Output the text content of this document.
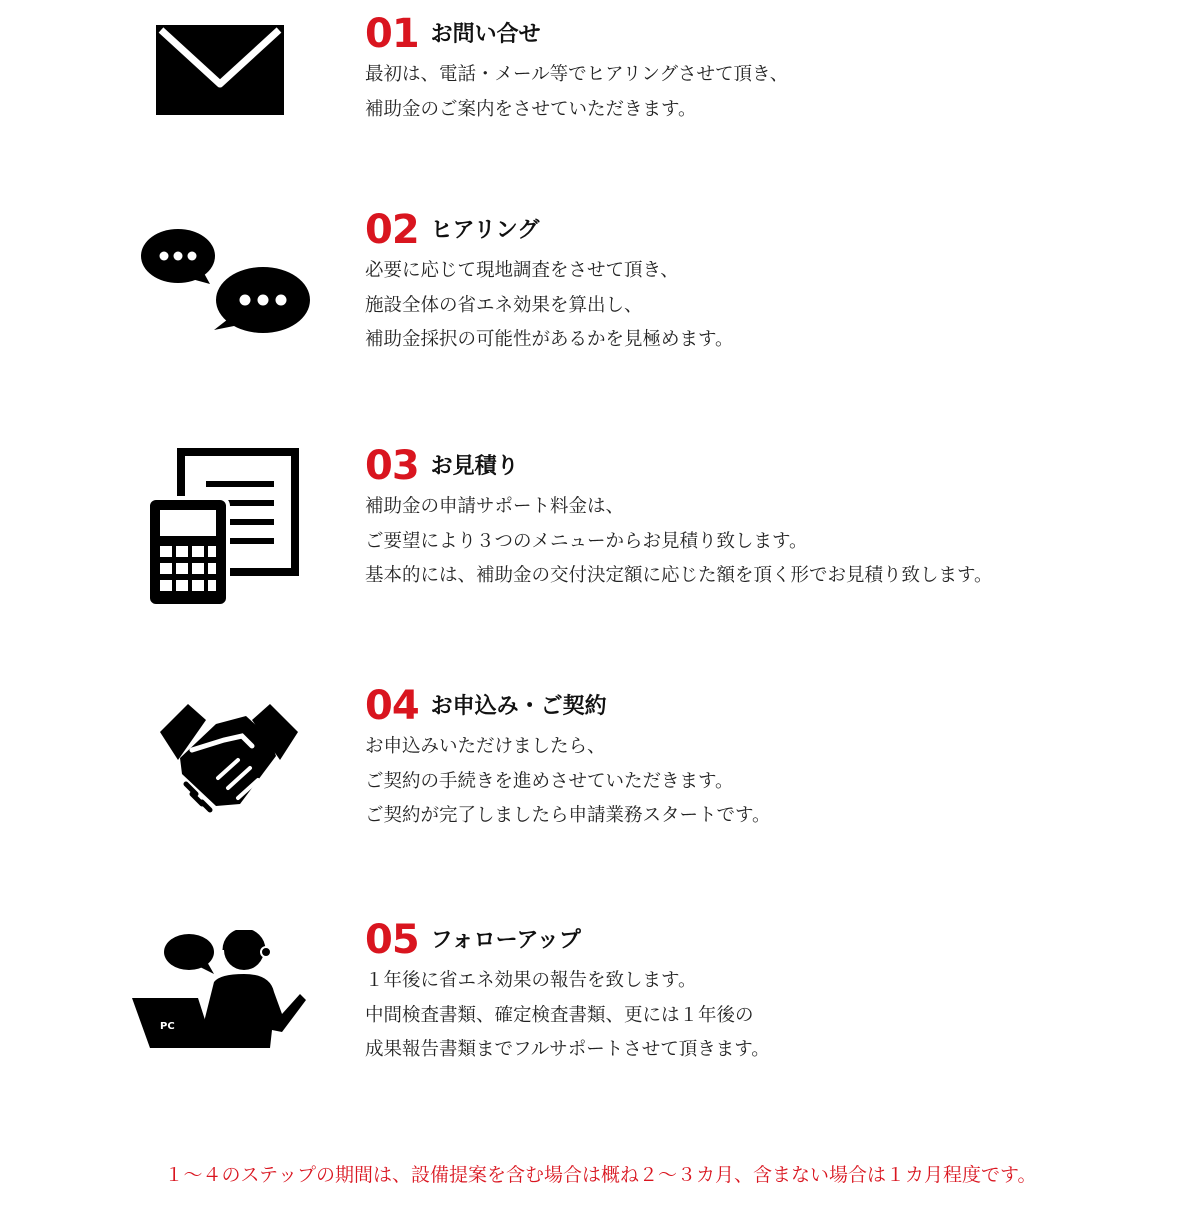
01 お問い合せ
最初は、電話・メール等でヒアリングさせて頂き、
補助金のご案内をさせていただきます。
02 ヒアリング
必要に応じて現地調査をさせて頂き、
施設全体の省エネ効果を算出し、
補助金採択の可能性があるかを見極めます。
03 お見積り
補助金の申請サポート料金は、
ご要望により３つのメニューからお見積り致します。
基本的には、補助金の交付決定額に応じた額を頂く形でお見積り致します。
04 お申込み・ご契約
お申込みいただけましたら、
ご契約の手続きを進めさせていただきます。
ご契約が完了しましたら申請業務スタートです。
PC
05 フォローアップ
１年後に省エネ効果の報告を致します。
中間検査書類、確定検査書類、更には１年後の
成果報告書類までフルサポートさせて頂きます。
１～４のステップの期間は、設備提案を含む場合は概ね２～３カ月、含まない場合は１カ月程度です。
